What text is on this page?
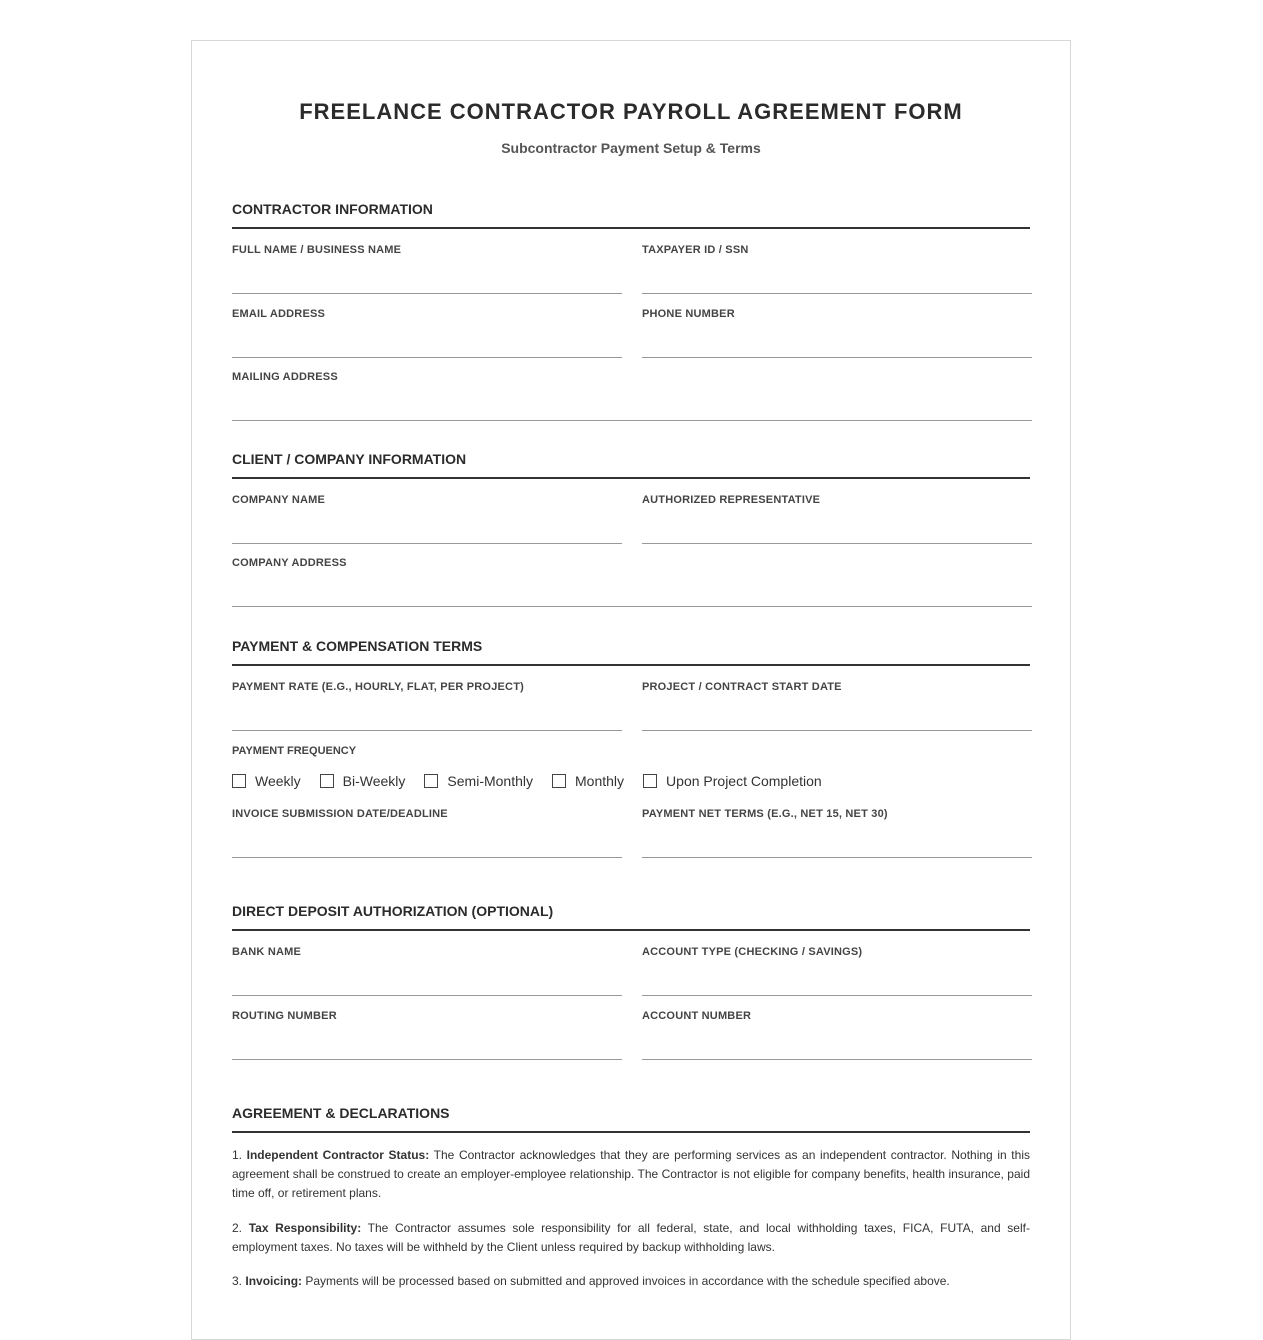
FREELANCE CONTRACTOR PAYROLL AGREEMENT FORM
Subcontractor Payment Setup & Terms
CONTRACTOR INFORMATION
FULL NAME / BUSINESS NAME	TAXPAYER ID / SSN
EMAIL ADDRESS	PHONE NUMBER
MAILING ADDRESS
CLIENT / COMPANY INFORMATION
COMPANY NAME	AUTHORIZED REPRESENTATIVE
COMPANY ADDRESS
PAYMENT & COMPENSATION TERMS
PAYMENT RATE (E.G., HOURLY, FLAT, PER PROJECT)	PROJECT / CONTRACT START DATE
PAYMENT FREQUENCY
Weekly	Bi-Weekly	Semi-Monthly	Monthly	Upon Project Completion
INVOICE SUBMISSION DATE/DEADLINE	PAYMENT NET TERMS (E.G., NET 15, NET 30)
DIRECT DEPOSIT AUTHORIZATION (OPTIONAL)
BANK NAME	ACCOUNT TYPE (CHECKING / SAVINGS)
ROUTING NUMBER	ACCOUNT NUMBER
AGREEMENT & DECLARATIONS
1. Independent Contractor Status: The Contractor acknowledges that they are performing services as an independent contractor. Nothing in this agreement shall be construed to create an employer-employee relationship. The Contractor is not eligible for company benefits, health insurance, paid time off, or retirement plans.
2. Tax Responsibility: The Contractor assumes sole responsibility for all federal, state, and local withholding taxes, FICA, FUTA, and self-employment taxes. No taxes will be withheld by the Client unless required by backup withholding laws.
3. Invoicing: Payments will be processed based on submitted and approved invoices in accordance with the schedule specified above.
